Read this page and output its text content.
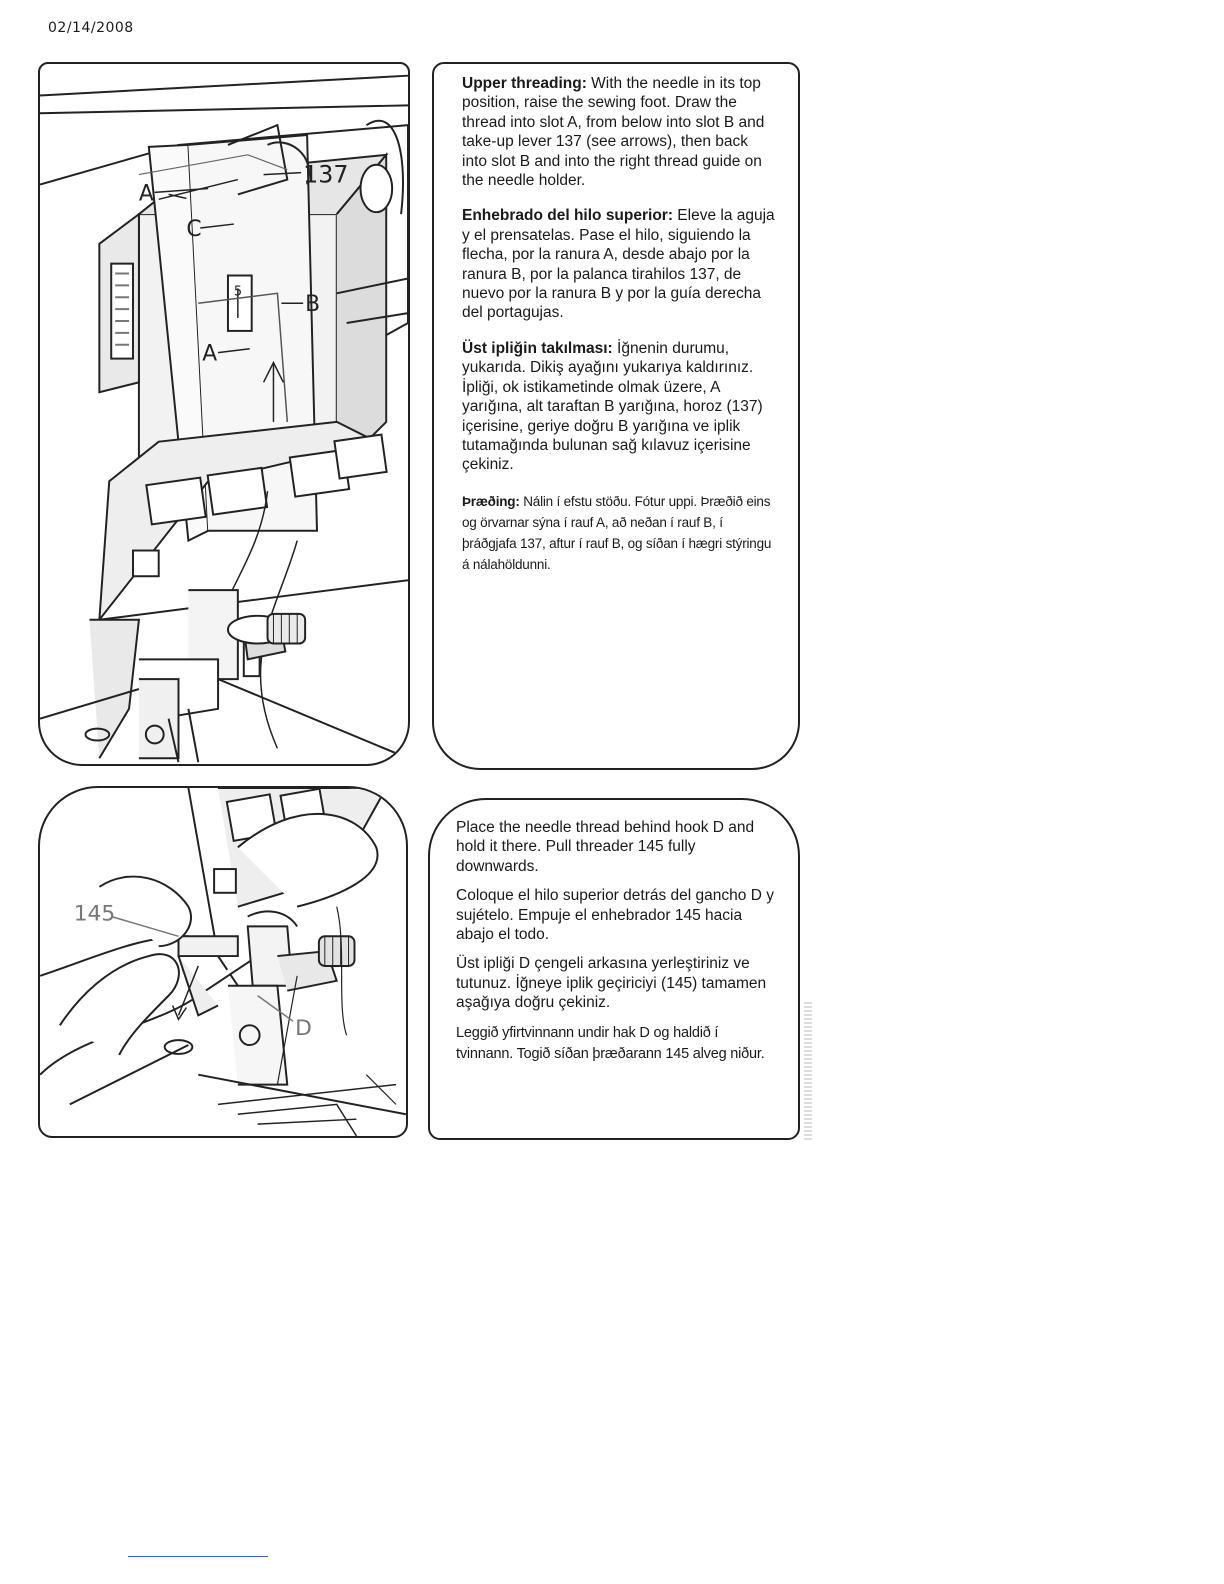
02/14/2008
A
C
137
B
A
5

Upper threading: With the needle in its top position, raise the sewing foot. Draw the thread into slot A, from below into slot B and take-up lever 137 (see arrows), then back into slot B and into the right thread guide on the needle holder.

Enhebrado del hilo superior: Eleve la aguja y el prensatelas. Pase el hilo, siguiendo la flecha, por la ranura A, desde abajo por la ranura B, por la palanca tirahilos 137, de nuevo por la ranura B y por la guía derecha del portagujas.

Üst ipliğin takılması: İğnenin durumu, yukarıda. Dikiş ayağını yukarıya kaldırınız. İpliği, ok istikametinde olmak üzere, A yarığına, alt taraftan B yarığına, horoz (137) içerisine, geriye doğru B yarığına ve iplik tutamağında bulunan sağ kılavuz içerisine çekiniz.

Þræðing: Nálin í efstu stöðu. Fótur uppi. Þræðið eins og örvarnar sýna í rauf A, að neðan í rauf B, í þráðgjafa 137, aftur í rauf B, og síðan í hægri stýringu á nálahöldunni.

145
D

Place the needle thread behind hook D and hold it there. Pull threader 145 fully downwards.

Coloque el hilo superior detrás del gancho D y sujételo. Empuje el enhebrador 145 hacia abajo el todo.

Üst ipliği D çengeli arkasına yerleştiriniz ve tutunuz. İğneye iplik geçiriciyi (145) tamamen aşağıya doğru çekiniz.

Leggið yfirtvinnann undir hak D og haldið í tvinnann. Togið síðan þræðarann 145 alveg niður.
